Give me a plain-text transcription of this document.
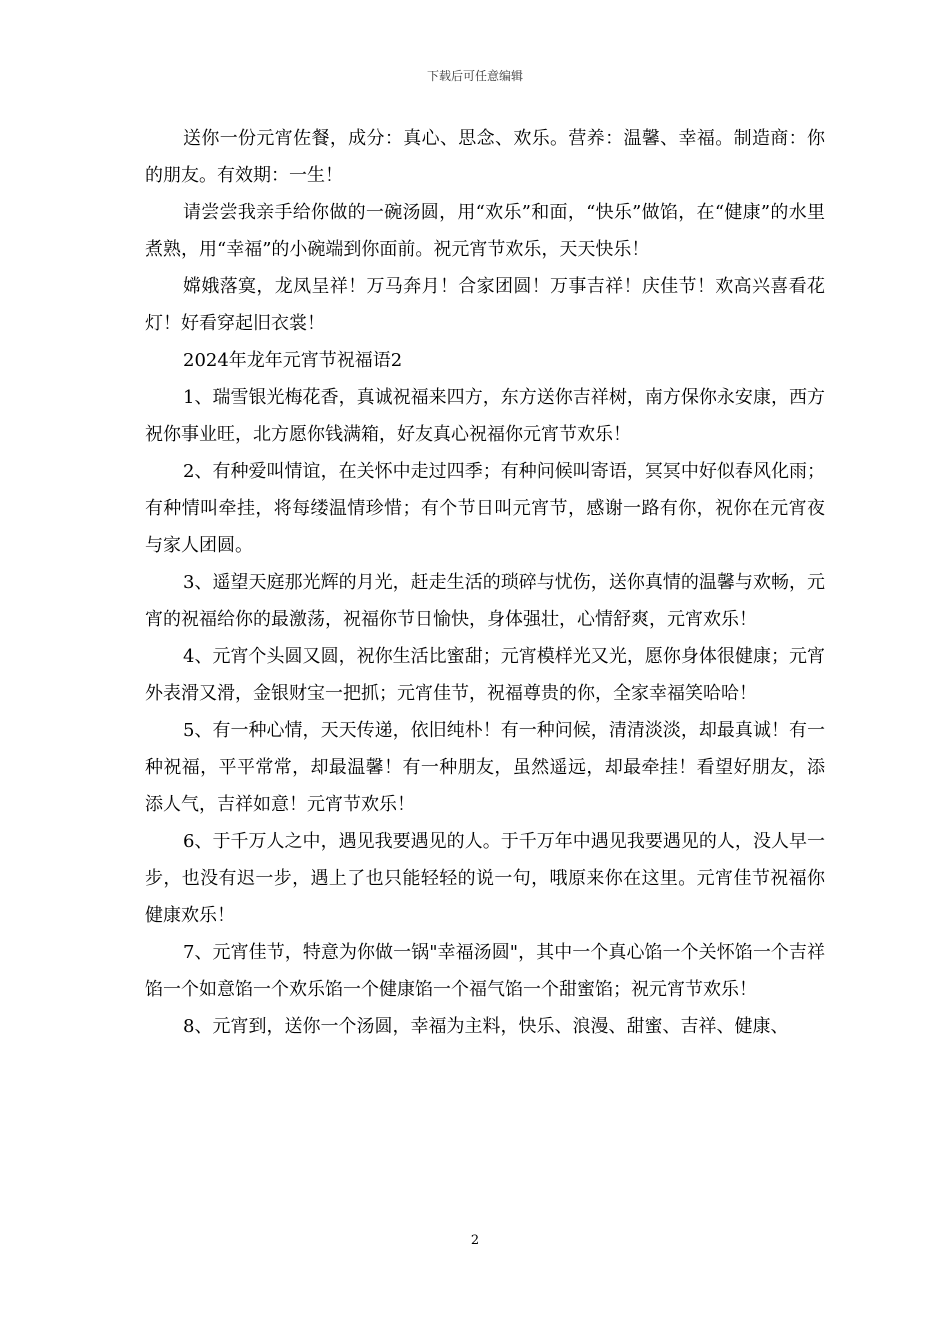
下载后可任意编辑

送你一份元宵佐餐，成分：真心、思念、欢乐。营养：温馨、幸福。制造商：你的朋友。有效期：一生！

请尝尝我亲手给你做的一碗汤圆，用“欢乐”和面，“快乐”做馅，在“健康”的水里煮熟，用“幸福”的小碗端到你面前。祝元宵节欢乐，天天快乐！

嫦娥落寞，龙凤呈祥！万马奔月！合家团圆！万事吉祥！庆佳节！欢高兴喜看花灯！好看穿起旧衣裳！

2024年龙年元宵节祝福语2

1、瑞雪银光梅花香，真诚祝福来四方，东方送你吉祥树，南方保你永安康，西方祝你事业旺，北方愿你钱满箱，好友真心祝福你元宵节欢乐！

2、有种爱叫情谊，在关怀中走过四季；有种问候叫寄语，冥冥中好似春风化雨；有种情叫牵挂，将每缕温情珍惜；有个节日叫元宵节，感谢一路有你，祝你在元宵夜与家人团圆。

3、遥望天庭那光辉的月光，赶走生活的琐碎与忧伤，送你真情的温馨与欢畅，元宵的祝福给你的最激荡，祝福你节日愉快，身体强壮，心情舒爽，元宵欢乐！

4、元宵个头圆又圆，祝你生活比蜜甜；元宵模样光又光，愿你身体很健康；元宵外表滑又滑，金银财宝一把抓；元宵佳节，祝福尊贵的你，全家幸福笑哈哈！

5、有一种心情，天天传递，依旧纯朴！有一种问候，清清淡淡，却最真诚！有一种祝福，平平常常，却最温馨！有一种朋友，虽然遥远，却最牵挂！看望好朋友，添添人气，吉祥如意！元宵节欢乐！

6、于千万人之中，遇见我要遇见的人。于千万年中遇见我要遇见的人，没人早一步，也没有迟一步，遇上了也只能轻轻的说一句，哦原来你在这里。元宵佳节祝福你健康欢乐！

7、元宵佳节，特意为你做一锅"幸福汤圆"，其中一个真心馅一个关怀馅一个吉祥馅一个如意馅一个欢乐馅一个健康馅一个福气馅一个甜蜜馅；祝元宵节欢乐！

8、元宵到，送你一个汤圆，幸福为主料，快乐、浪漫、甜蜜、吉祥、健康、

2
